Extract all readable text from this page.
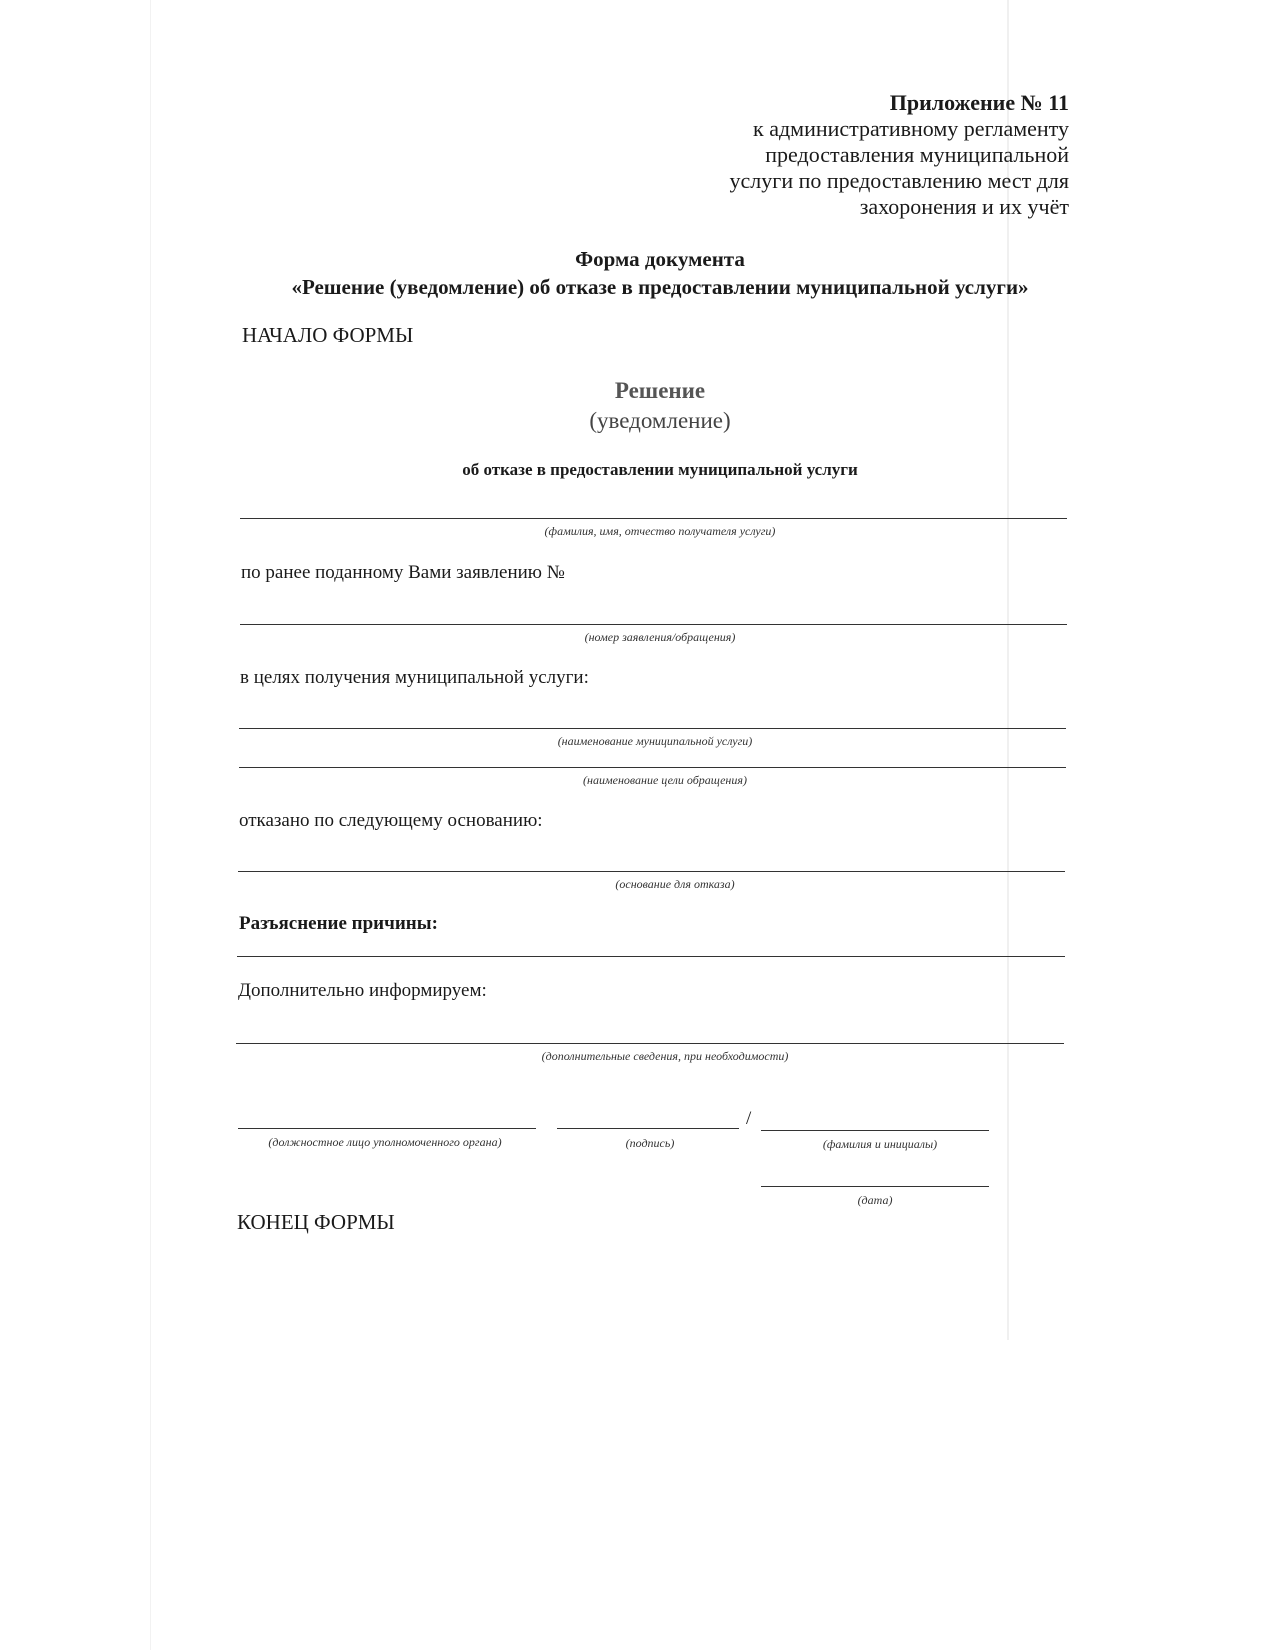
Приложение № 11
к административному регламенту
предоставления муниципальной
услуги по предоставлению мест для
захоронения и их учёт
Форма документа
«Решение (уведомление) об отказе в предоставлении муниципальной услуги»
НАЧАЛО ФОРМЫ
Решение
(уведомление)
об отказе в предоставлении муниципальной услуги
(фамилия, имя, отчество получателя услуги)
по ранее поданному Вами заявлению №
(номер заявления/обращения)
в целях получения муниципальной услуги:
(наименование муниципальной услуги)
(наименование цели обращения)
отказано по следующему основанию:
(основание для отказа)
Разъяснение причины:
Дополнительно информируем:
(дополнительные сведения, при необходимости)
(должностное лицо уполномоченного органа)	(подпись)
/
(фамилия и инициалы)
(дата)
КОНЕЦ ФОРМЫ
